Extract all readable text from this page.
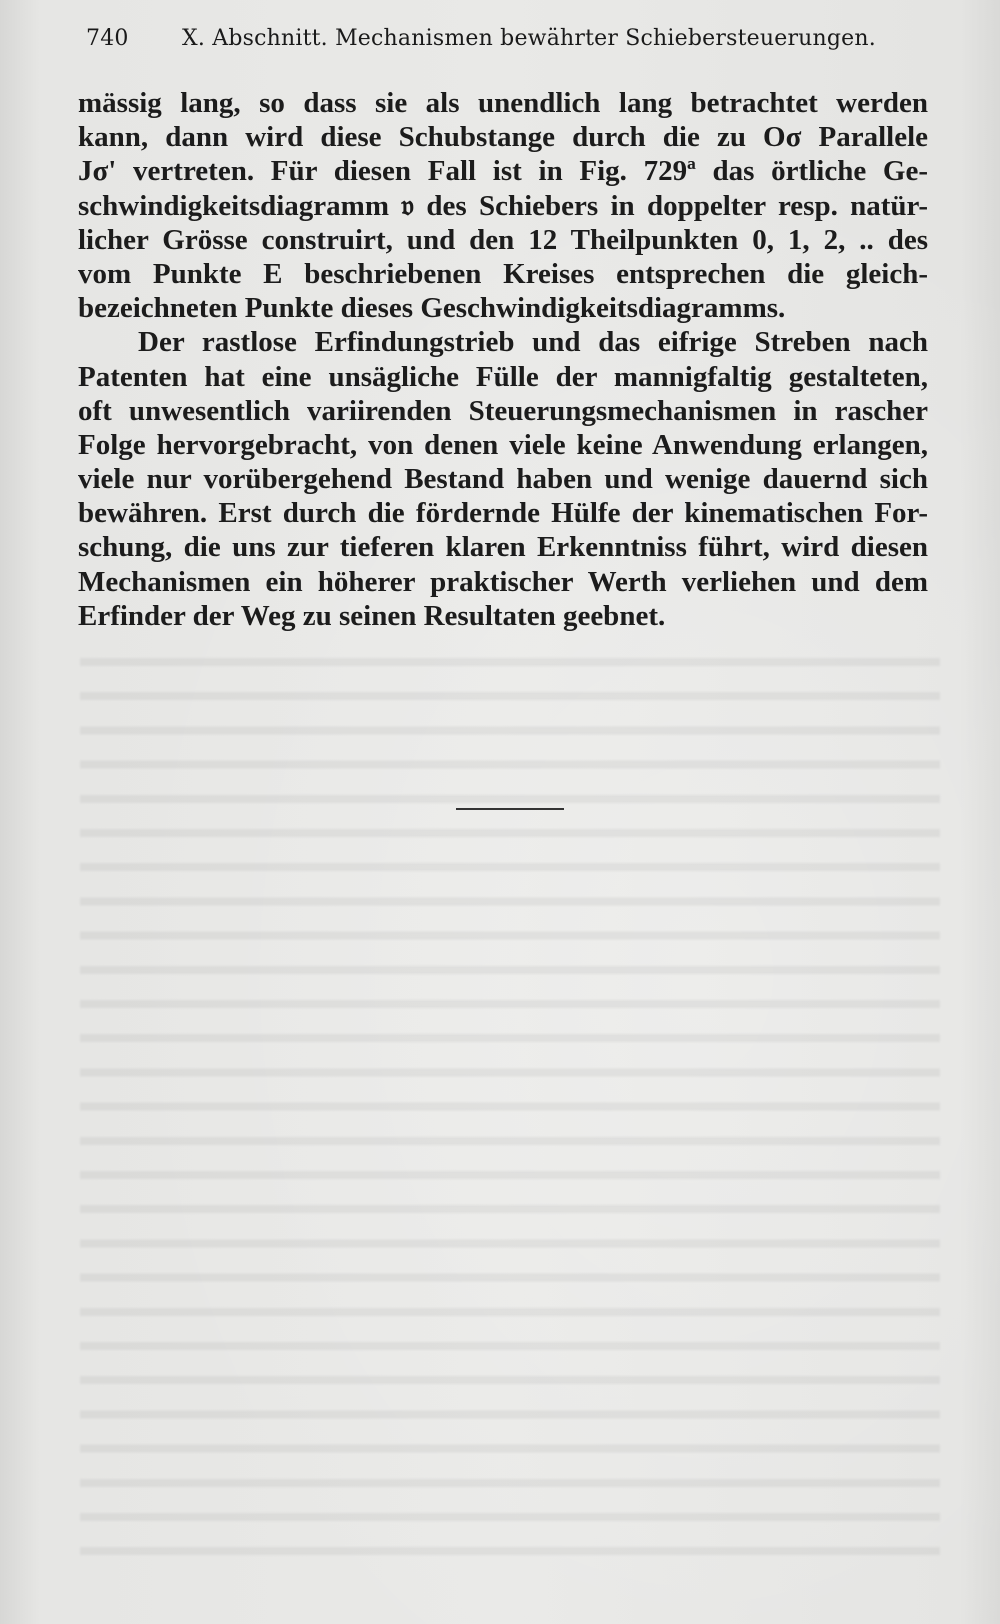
740 X. Abschnitt. Mechanismen bewährter Schiebersteuerungen.
mässig lang, so dass sie als unendlich lang betrachtet werden
kann, dann wird diese Schubstange durch die zu Oσ Parallele
Jσ' vertreten. Für diesen Fall ist in Fig. 729ª das örtliche Ge-
schwindigkeitsdiagramm 𝔳 des Schiebers in doppelter resp. natür-
licher Grösse construirt, und den 12 Theilpunkten 0, 1, 2, .. des
vom Punkte E beschriebenen Kreises entsprechen die gleich-
bezeichneten Punkte dieses Geschwindigkeitsdiagramms.
Der rastlose Erfindungstrieb und das eifrige Streben nach
Patenten hat eine unsägliche Fülle der mannigfaltig gestalteten,
oft unwesentlich variirenden Steuerungsmechanismen in rascher
Folge hervorgebracht, von denen viele keine Anwendung erlangen,
viele nur vorübergehend Bestand haben und wenige dauernd sich
bewähren. Erst durch die fördernde Hülfe der kinematischen For-
schung, die uns zur tieferen klaren Erkenntniss führt, wird diesen
Mechanismen ein höherer praktischer Werth verliehen und dem
Erfinder der Weg zu seinen Resultaten geebnet.
